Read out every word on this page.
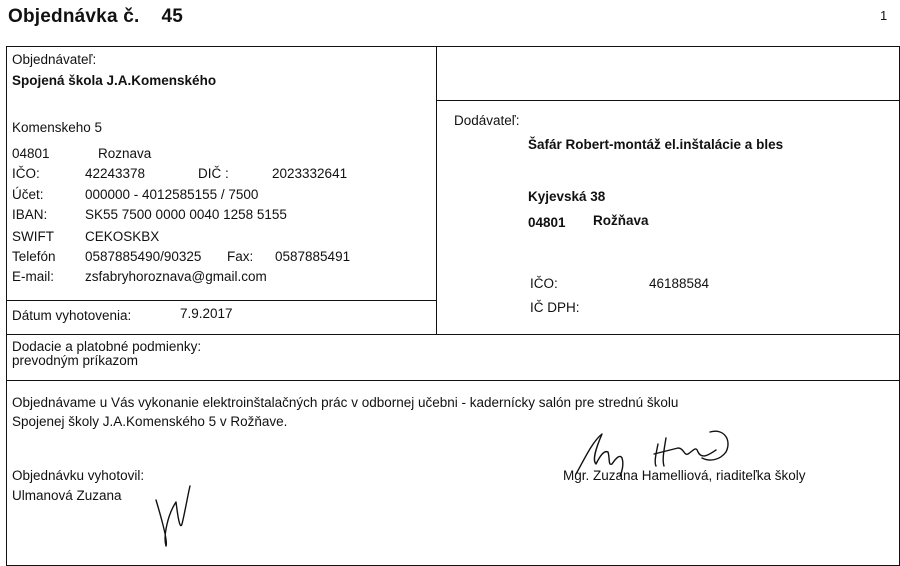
Objednávka č. 45	1
Objednávateľ:
Spojená škola J.A.Komenského
Komenskeho 5
04801	Roznava
IČO:	42243378	DIČ :	2023332641
Účet:	000000 - 4012585155 / 7500
IBAN:	SK55 7500 0000 0040 1258 5155
SWIFT CEKOSKBX
Telefón 0587885490/90325 Fax: 0587885491
E-mail: zsfabryhoroznava@gmail.com
Dátum vyhotovenia:	7.9.2017
Dodávateľ:
Šafár Robert-montáž el.inštalácie a bles
Kyjevská 38
04801 Rožňava
IČO:	46188584
IČ DPH:
Dodacie a platobné podmienky:
prevodným príkazom
Objednávame u Vás vykonanie elektroinštalačných prác v odbornej učebni - kadernícky salón pre strednú školu
Spojenej školy J.A.Komenského 5 v Rožňave.
Objednávku vyhotovil:
Ulmanová Zuzana
Mgr. Zuzana Hamelliová, riaditeľka školy
